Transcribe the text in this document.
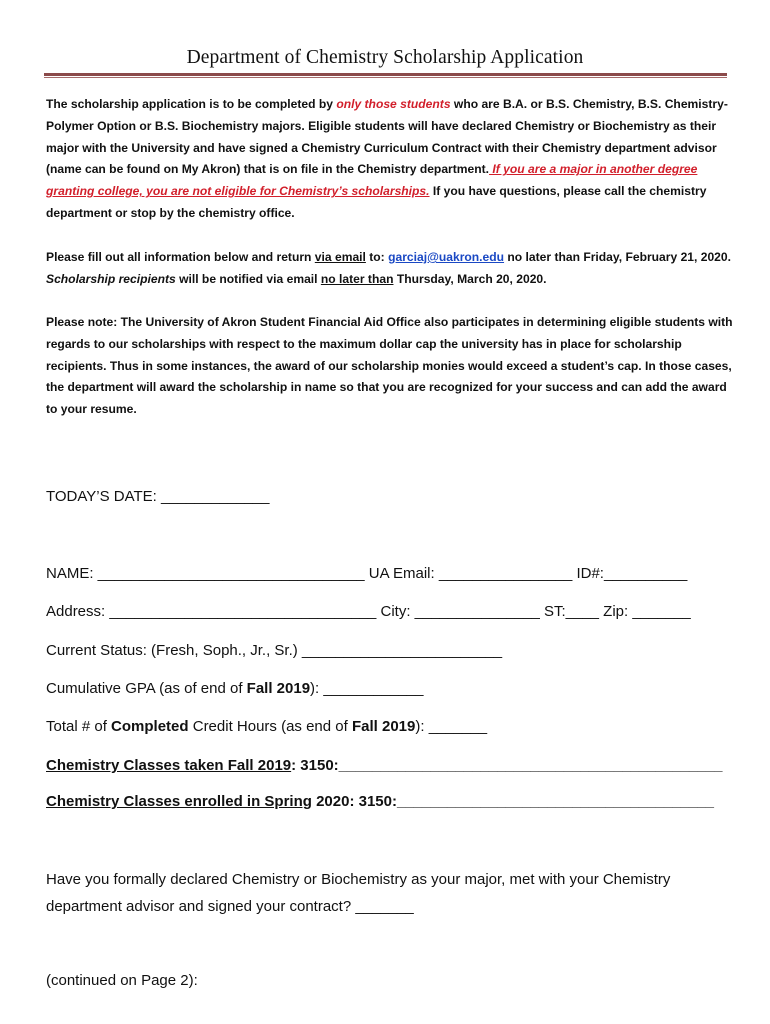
Department of Chemistry Scholarship Application
The scholarship application is to be completed by only those students who are B.A. or B.S. Chemistry, B.S. Chemistry-Polymer Option or B.S. Biochemistry majors. Eligible students will have declared Chemistry or Biochemistry as their major with the University and have signed a Chemistry Curriculum Contract with their Chemistry department advisor (name can be found on My Akron) that is on file in the Chemistry department. If you are a major in another degree granting college, you are not eligible for Chemistry’s scholarships. If you have questions, please call the chemistry department or stop by the chemistry office.
Please fill out all information below and return via email to: garciaj@uakron.edu no later than Friday, February 21, 2020. Scholarship recipients will be notified via email no later than Thursday, March 20, 2020.
Please note: The University of Akron Student Financial Aid Office also participates in determining eligible students with regards to our scholarships with respect to the maximum dollar cap the university has in place for scholarship recipients. Thus in some instances, the award of our scholarship monies would exceed a student’s cap. In those cases, the department will award the scholarship in name so that you are recognized for your success and can add the award to your resume.
TODAY’S DATE: _____________
NAME: ________________________________ UA Email: ________________ ID#:__________
Address: ________________________________ City: _______________ ST:____ Zip: _______
Current Status: (Fresh, Soph., Jr., Sr.) ________________________
Cumulative GPA (as of end of Fall 2019): ____________
Total # of Completed Credit Hours (as end of Fall 2019): _______
Chemistry Classes taken Fall 2019: 3150:______________________________________________
Chemistry Classes enrolled in Spring 2020: 3150:______________________________________
Have you formally declared Chemistry or Biochemistry as your major, met with your Chemistry
department advisor and signed your contract? _______
(continued on Page 2):
